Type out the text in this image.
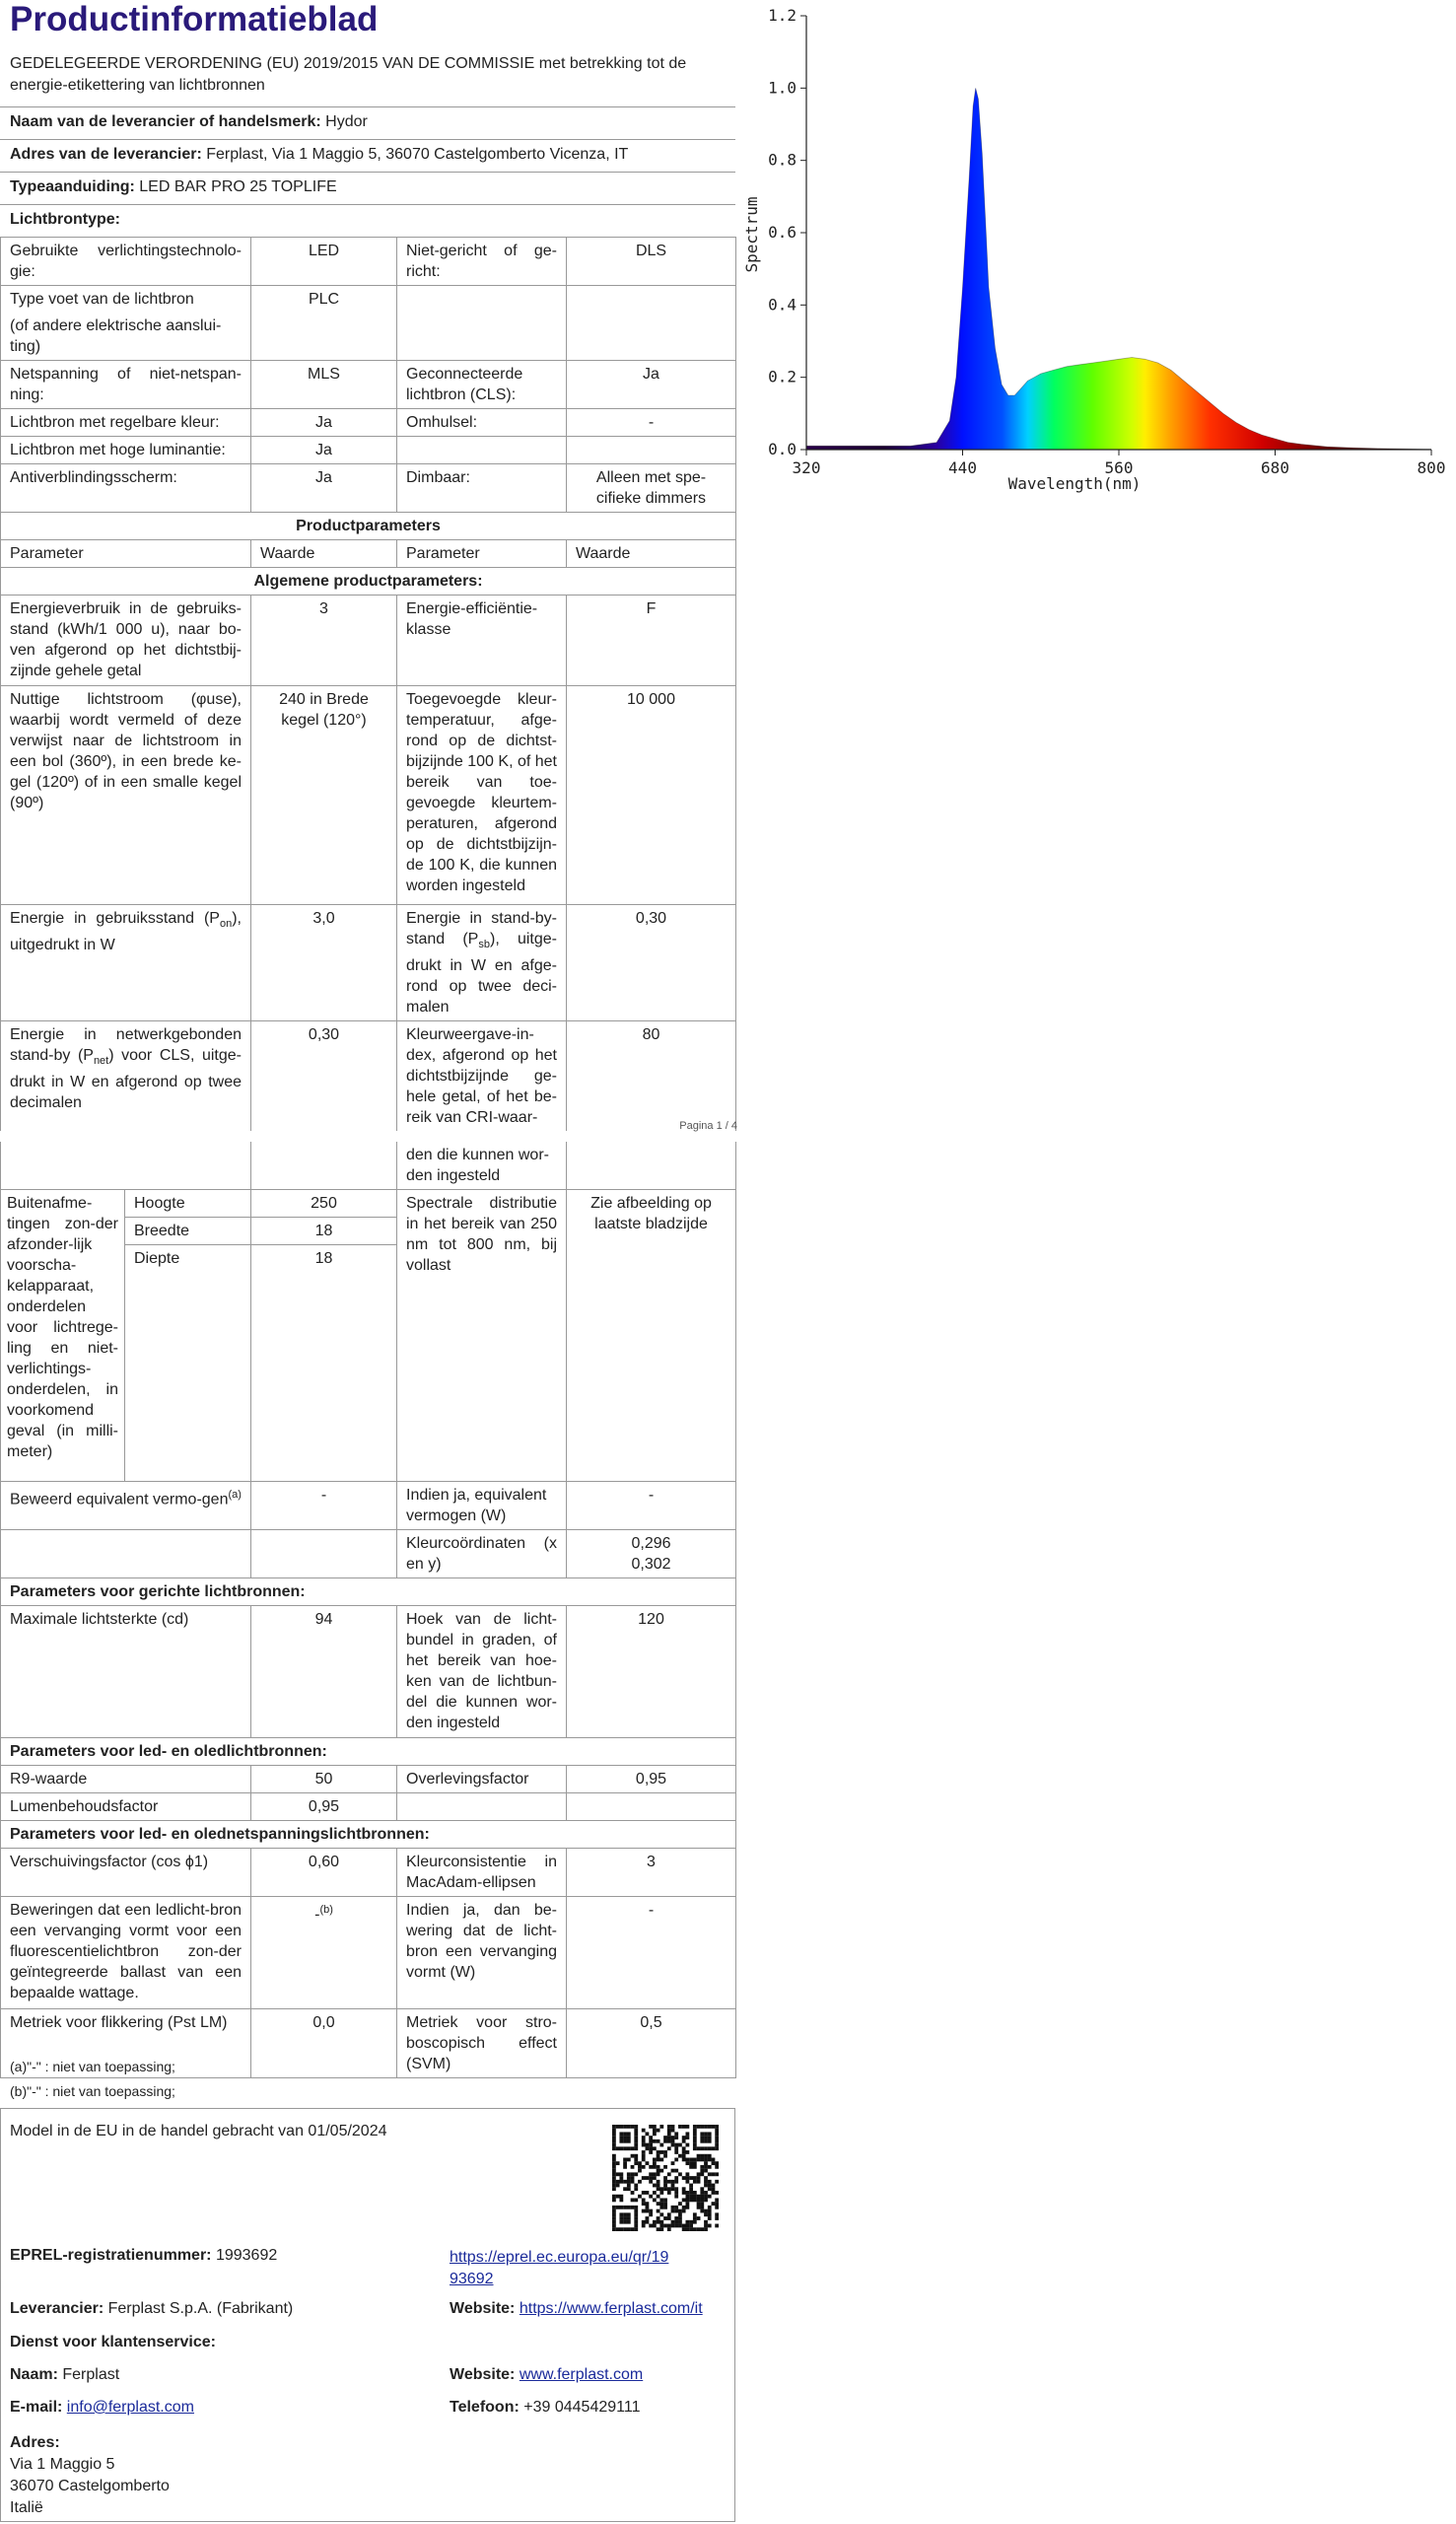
Productinformatieblad
GEDELEGEERDE VERORDENING (EU) 2019/2015 VAN DE COMMISSIE met betrekking tot de energie-etikettering van lichtbronnen
Naam van de leverancier of handelsmerk: Hydor
Adres van de leverancier: Ferplast, Via 1 Maggio 5, 36070 Castelgomberto Vicenza, IT
Typeaanduiding: LED BAR PRO 25 TOPLIFE
Lichtbrontype:
Gebruikte verlichtingstechnolo-gie:	LED	Niet-gericht of ge-richt:	DLS

Type voet van de lichtbron
(of andere elektrische aanslui-ting)	PLC		
Netspanning of niet-netspan-ning:	MLS	Geconnecteerde lichtbron (CLS):	Ja
Lichtbron met regelbare kleur:	Ja	Omhulsel:	-
Lichtbron met hoge luminantie:	Ja		
Antiverblindingsscherm:	Ja	Dimbaar:	Alleen met spe-cifieke dimmers
Productparameters			
Parameter	Waarde	Parameter	Waarde
Algemene productparameters:			
Energieverbruik in de gebruiks-stand (kWh/1 000 u), naar bo-ven afgerond op het dichtstbij-zijnde gehele getal	3	Energie-efficiëntie-klasse	F
Nuttige lichtstroom (φuse), waarbij wordt vermeld of deze verwijst naar de lichtstroom in een bol (360º), in een brede ke-gel (120º) of in een smalle kegel (90º)	240 in Brede kegel (120°)	Toegevoegde kleur-temperatuur, afge-rond op de dichtst-bijzijnde 100 K, of het bereik van toe-gevoegde kleurtem-peraturen, afgerond op de dichtstbijzijn-de 100 K, die kunnen worden ingesteld	10 000
Energie in gebruiksstand $(P_{on})$, uitgedrukt in W	3,0	Energie in stand-by-stand $(P_{sb})$, uitge-drukt in W en afge-rond op twee deci-malen	0,30
Energie in netwerkgebonden stand-by $(P_{net})$ voor CLS, uitge-drukt in W en afgerond op twee decimalen	0,30	Kleurweergave-in-dex, afgerond op het dichtstbijzijnde ge-hele getal, of het be-reik van CRI-waar-	80
Pagina 1 / 4
320	440	560	680	800
0.0
0.2
0.4
0.6
0.8
1.0
1.2
Wavelength(nm)
Spectrum
			den die kunnen wor-den ingesteld	
Buitenafme-tingen zon-der afzonder-lijk voorscha-kelapparaat, onderdelen voor lichtrege-ling en niet-verlichtings-onderdelen, in voorkomend geval (in milli-meter)	Hoogte	250	Spectrale distributie in het bereik van 250 nm tot 800 nm, bij vollast	Zie afbeelding op laatste bladzijde
	Breedte	18		
	Diepte	18		
Beweerd equivalent vermo-gen$^{(a)}$		-	Indien ja, equivalent vermogen (W)	-
			Kleurcoördinaten (x en y)	0,296
0,302

Parameters voor gerichte lichtbronnen:				
Maximale lichtsterkte (cd)		94	Hoek van de licht-bundel in graden, of het bereik van hoe-ken van de lichtbun-del die kunnen wor-den ingesteld	120
Parameters voor led- en oledlichtbronnen:				
R9-waarde		50	Overlevingsfactor	0,95
Lumenbehoudsfactor		0,95		
Parameters voor led- en olednetspanningslichtbronnen:				
Verschuivingsfactor (cos ϕ1)		0,60	Kleurconsistentie in MacAdam-ellipsen	3
Beweringen dat een ledlicht-bron een vervanging vormt voor een fluorescentielichtbron zon-der geïntegreerde ballast van een bepaalde wattage.		-$^{(b)}$	Indien ja, dan be-wering dat de licht-bron een vervanging vormt (W)	-
Metriek voor flikkering (Pst LM)		0,0	Metriek voor stro-boscopisch effect (SVM)	0,5
(a)"-" : niet van toepassing;
(b)"-" : niet van toepassing;
Model in de EU in de handel gebracht van 01/05/2024
EPREL-registratienummer: 1993692	https://eprel.ec.europa.eu/qr/19
93692
Leverancier: Ferplast S.p.A. (Fabrikant)	Website: https://www.ferplast.com/it
Dienst voor klantenservice:
Naam: Ferplast	Website: www.ferplast.com
E-mail: info@ferplast.com	Telefoon: +39 0445429111
Adres:
Via 1 Maggio 5
36070 Castelgomberto
Italië
